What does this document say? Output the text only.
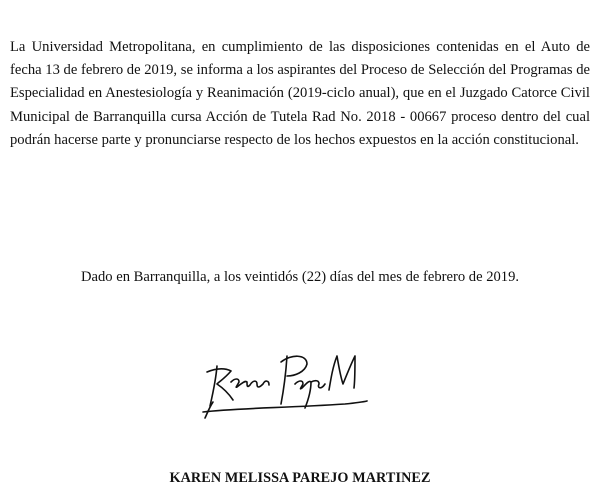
La Universidad Metropolitana, en cumplimiento de las disposiciones contenidas en el Auto de fecha 13 de febrero de 2019, se informa a los aspirantes del Proceso de Selección del Programas de Especialidad en Anestesiología y Reanimación (2019-ciclo anual), que en el Juzgado Catorce Civil Municipal de Barranquilla cursa Acción de Tutela Rad No. 2018 - 00667 proceso dentro del cual podrán hacerse parte y pronunciarse respecto de los hechos expuestos en la acción constitucional.

Dado en Barranquilla, a los veintidós (22) días del mes de febrero de 2019.

KAREN MELISSA PAREJO MARTINEZ
